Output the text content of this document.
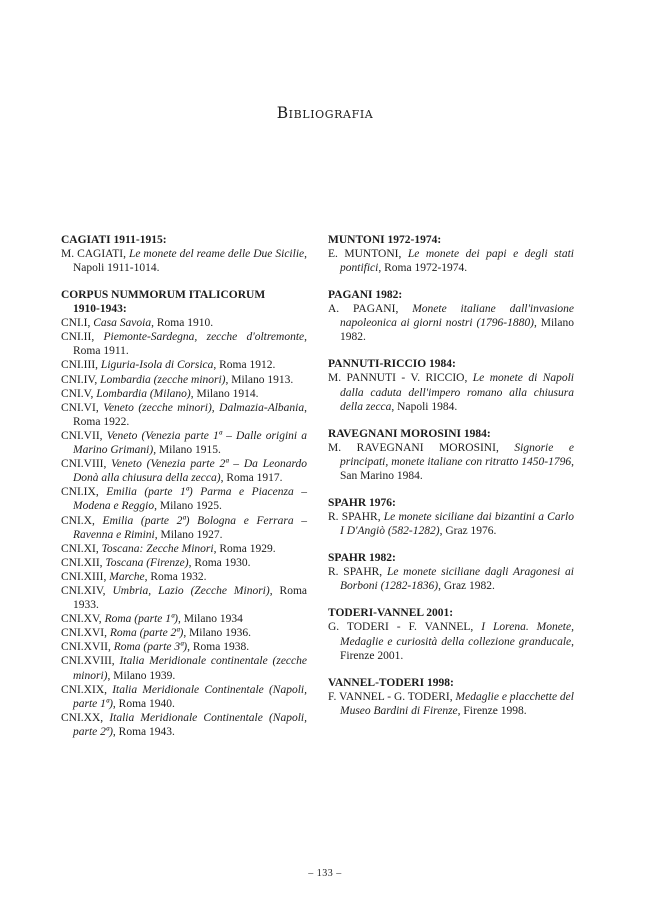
Bibliografia
CAGIATI 1911-1915:
M. CAGIATI, Le monete del reame delle Due Sicilie, Napoli 1911-1014.
CORPUS NUMMORUM ITALICORUM
1910-1943:
CNI.I, Casa Savoia, Roma 1910.
CNI.II, Piemonte-Sardegna, zecche d'oltremonte, Roma 1911.
CNI.III, Liguria-Isola di Corsica, Roma 1912.
CNI.IV, Lombardia (zecche minori), Milano 1913.
CNI.V, Lombardia (Milano), Milano 1914.
CNI.VI, Veneto (zecche minori), Dalmazia-Albania, Roma 1922.
CNI.VII, Veneto (Venezia parte 1ª – Dalle origini a Marino Grimani), Milano 1915.
CNI.VIII, Veneto (Venezia parte 2ª – Da Leonardo Donà alla chiusura della zecca), Roma 1917.
CNI.IX, Emilia (parte 1ª) Parma e Piacenza – Modena e Reggio, Milano 1925.
CNI.X, Emilia (parte 2ª) Bologna e Ferrara – Ravenna e Rimini, Milano 1927.
CNI.XI, Toscana: Zecche Minori, Roma 1929.
CNI.XII, Toscana (Firenze), Roma 1930.
CNI.XIII, Marche, Roma 1932.
CNI.XIV, Umbria, Lazio (Zecche Minori), Roma 1933.
CNI.XV, Roma (parte 1ª), Milano 1934
CNI.XVI, Roma (parte 2ª), Milano 1936.
CNI.XVII, Roma (parte 3ª), Roma 1938.
CNI.XVIII, Italia Meridionale continentale (zecche minori), Milano 1939.
CNI.XIX, Italia Meridionale Continentale (Napoli, parte 1ª), Roma 1940.
CNI.XX, Italia Meridionale Continentale (Napoli, parte 2ª), Roma 1943.
MUNTONI 1972-1974:
E. MUNTONI, Le monete dei papi e degli stati pontifici, Roma 1972-1974.
PAGANI 1982:
A. PAGANI, Monete italiane dall'invasione napoleonica ai giorni nostri (1796-1880), Milano 1982.
PANNUTI-RICCIO 1984:
M. PANNUTI - V. RICCIO, Le monete di Napoli dalla caduta dell'impero romano alla chiusura della zecca, Napoli 1984.
RAVEGNANI MOROSINI 1984:
M. RAVEGNANI MOROSINI, Signorie e principati, monete italiane con ritratto 1450-1796, San Marino 1984.
SPAHR 1976:
R. SPAHR, Le monete siciliane dai bizantini a Carlo I D'Angiò (582-1282), Graz 1976.
SPAHR 1982:
R. SPAHR, Le monete siciliane dagli Aragonesi ai Borboni (1282-1836), Graz 1982.
TODERI-VANNEL 2001:
G. TODERI - F. VANNEL, I Lorena. Monete, Medaglie e curiosità della collezione granducale, Firenze 2001.
VANNEL-TODERI 1998:
F. VANNEL - G. TODERI, Medaglie e placchette del Museo Bardini di Firenze, Firenze 1998.
– 133 –
